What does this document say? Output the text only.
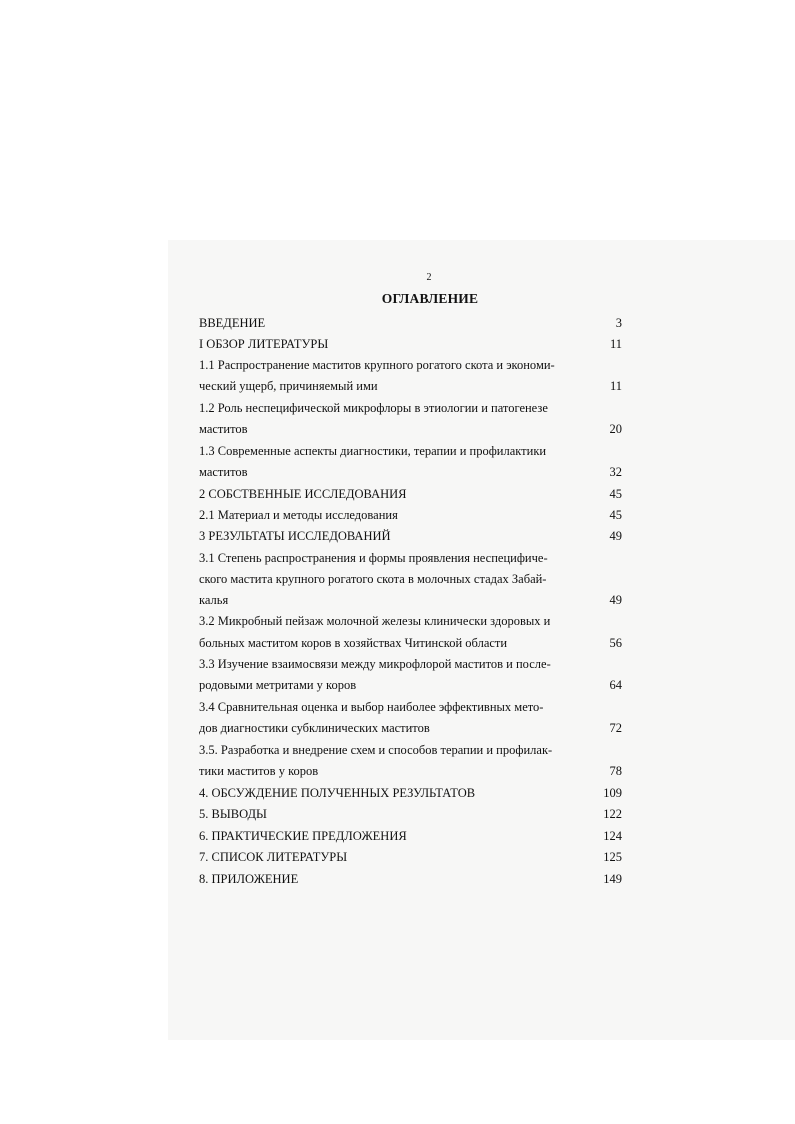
2
ОГЛАВЛЕНИЕ
ВВЕДЕНИЕ	3
I ОБЗОР ЛИТЕРАТУРЫ	11
1.1 Распространение маститов крупного рогатого скота и экономи-
ческий ущерб, причиняемый ими	11
1.2 Роль неспецифической микрофлоры в этиологии и патогенезе
маститов	20
1.3 Современные аспекты диагностики, терапии и профилактики
маститов	32
2 СОБСТВЕННЫЕ ИССЛЕДОВАНИЯ	45
2.1 Материал и методы исследования	45
3 РЕЗУЛЬТАТЫ ИССЛЕДОВАНИЙ	49
3.1 Степень распространения и формы проявления неспецифиче-
ского мастита крупного рогатого скота в молочных стадах Забай-
калья	49
3.2 Микробный пейзаж молочной железы клинически здоровых и
больных маститом коров в хозяйствах Читинской области	56
3.3 Изучение взаимосвязи между микрофлорой маститов и после-
родовыми метритами у коров	64
3.4 Сравнительная оценка и выбор наиболее эффективных мето-
дов диагностики субклинических маститов	72
3.5. Разработка и внедрение схем и способов терапии и профилак-
тики маститов у коров	78
4. ОБСУЖДЕНИЕ ПОЛУЧЕННЫХ РЕЗУЛЬТАТОВ	109
5. ВЫВОДЫ	122
6. ПРАКТИЧЕСКИЕ ПРЕДЛОЖЕНИЯ	124
7. СПИСОК ЛИТЕРАТУРЫ	125
8. ПРИЛОЖЕНИЕ	149
